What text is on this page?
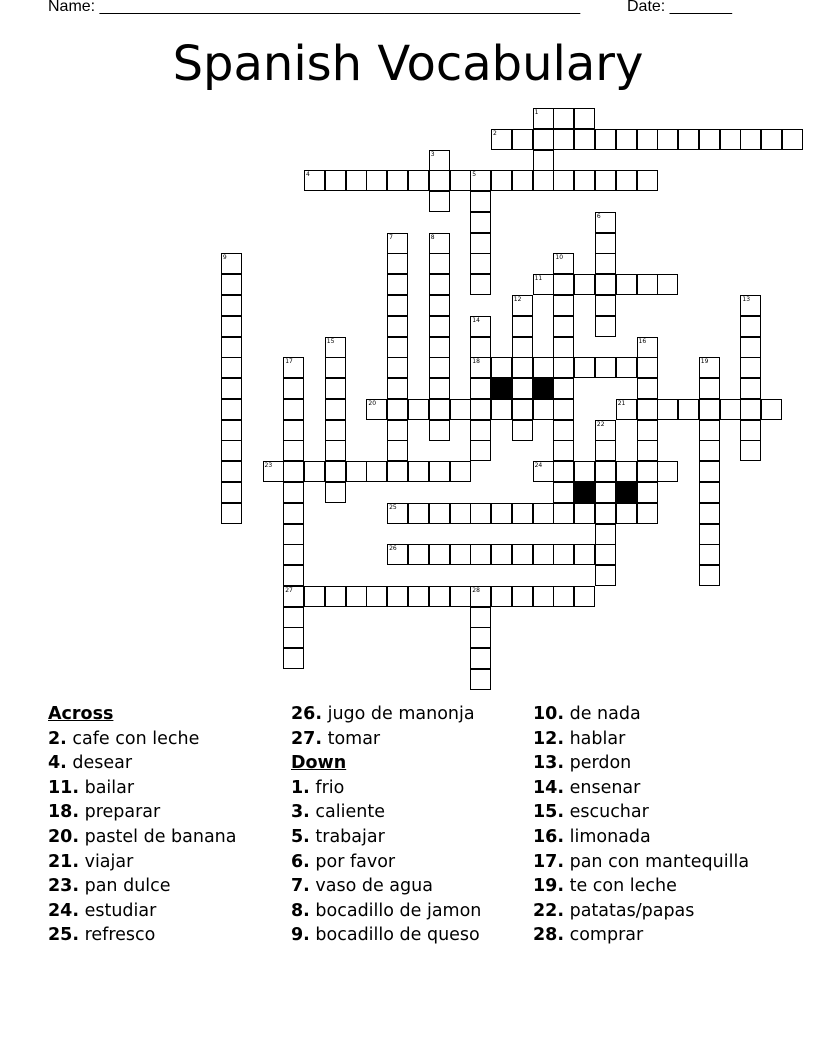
Name: ______________________________________________________	Date: _______
Spanish Vocabulary
1
2
3
4	5
6
7	8
9	10
11
12	13
14
15	16
17	18	19
20	21
22
23	24
25
26
27	28
Across
2. cafe con leche
4. desear
11. bailar
18. preparar
20. pastel de banana
21. viajar
23. pan dulce
24. estudiar
25. refresco
26. jugo de manonja
27. tomar
Down
1. frio
3. caliente
5. trabajar
6. por favor
7. vaso de agua
8. bocadillo de jamon
9. bocadillo de queso
10. de nada
12. hablar
13. perdon
14. ensenar
15. escuchar
16. limonada
17. pan con mantequilla
19. te con leche
22. patatas/papas
28. comprar
